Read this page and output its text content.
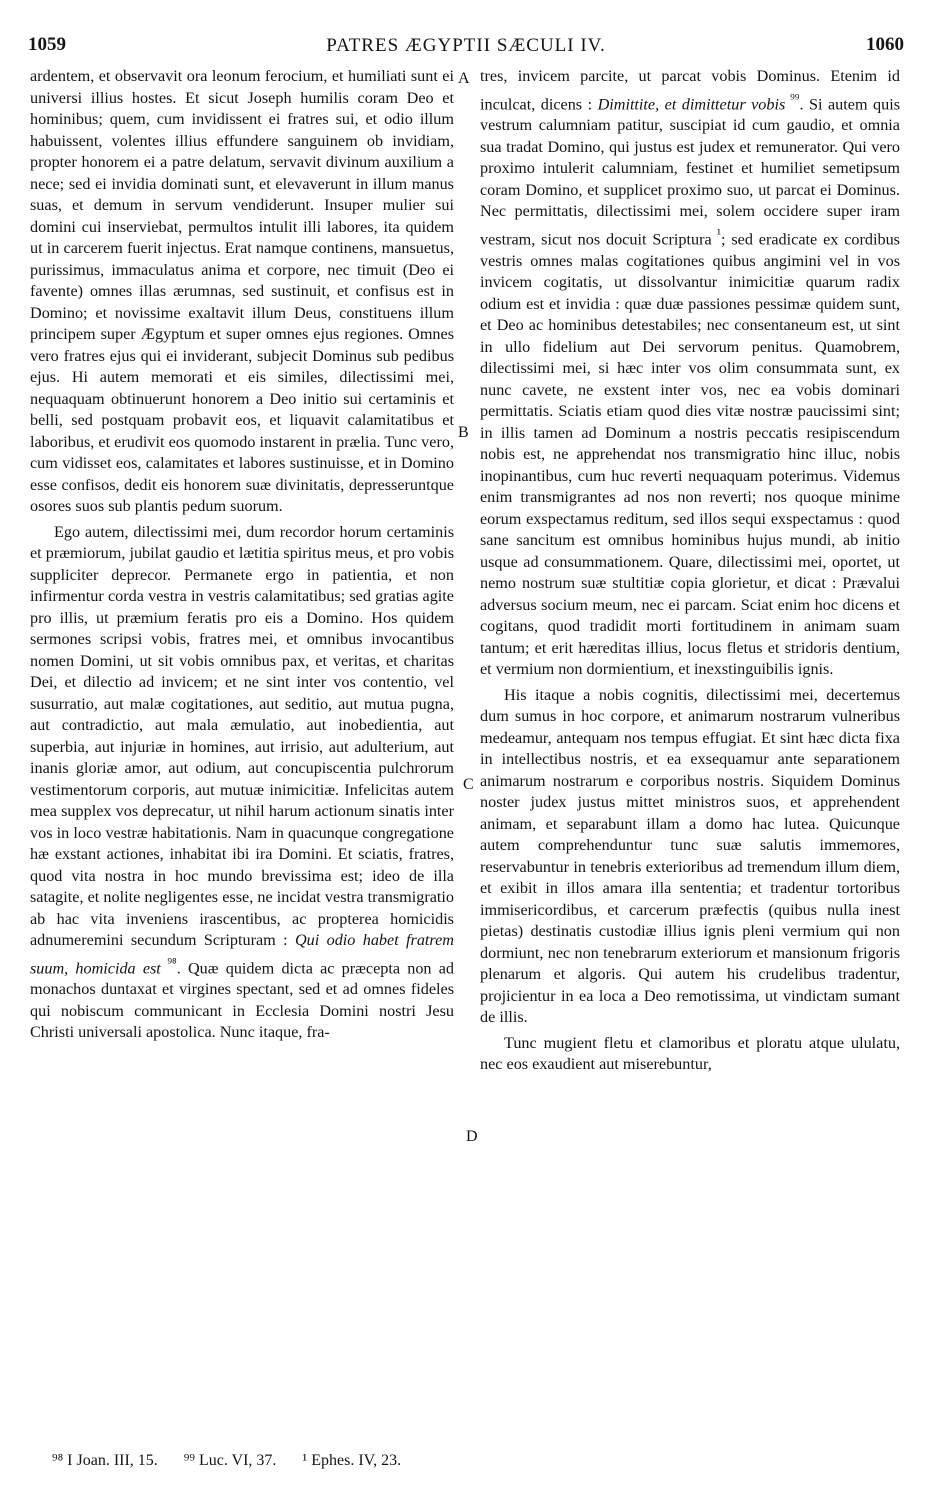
1059	PATRES ÆGYPTII SÆCULI IV.	1060
A
B
C
D

ardentem, et observavit ora leonum ferocium, et humiliati sunt ei universi illius hostes. Et sicut Joseph humilis coram Deo et hominibus; quem, cum invidissent ei fratres sui, et odio illum habuissent, volentes illius effundere sanguinem ob invidiam, propter honorem ei a patre delatum, servavit divinum auxilium a nece; sed ei invidia dominati sunt, et elevaverunt in illum manus suas, et demum in servum vendiderunt. Insuper mulier sui domini cui inserviebat, permultos intulit illi labores, ita quidem ut in carcerem fuerit injectus. Erat namque continens, mansuetus, purissimus, immaculatus anima et corpore, nec timuit (Deo ei favente) omnes illas ærumnas, sed sustinuit, et confisus est in Domino; et novissime exaltavit illum Deus, constituens illum principem super Ægyptum et super omnes ejus regiones. Omnes vero fratres ejus qui ei inviderant, subjecit Dominus sub pedibus ejus. Hi autem memorati et eis similes, dilectissimi mei, nequaquam obtinuerunt honorem a Deo initio sui certaminis et belli, sed postquam probavit eos, et liquavit calamitatibus et laboribus, et erudivit eos quomodo instarent in prælia. Tunc vero, cum vidisset eos, calamitates et labores sustinuisse, et in Domino esse confisos, dedit eis honorem suæ divinitatis, depresseruntque osores suos sub plantis pedum suorum.

Ego autem, dilectissimi mei, dum recordor horum certaminis et præmiorum, jubilat gaudio et lætitia spiritus meus, et pro vobis suppliciter deprecor. Permanete ergo in patientia, et non infirmentur corda vestra in vestris calamitatibus; sed gratias agite pro illis, ut præmium feratis pro eis a Domino. Hos quidem sermones scripsi vobis, fratres mei, et omnibus invocantibus nomen Domini, ut sit vobis omnibus pax, et veritas, et charitas Dei, et dilectio ad invicem; et ne sint inter vos contentio, vel susurratio, aut malæ cogitationes, aut seditio, aut mutua pugna, aut contradictio, aut mala æmulatio, aut inobedientia, aut superbia, aut injuriæ in homines, aut irrisio, aut adulterium, aut inanis gloriæ amor, aut odium, aut concupiscentia pulchrorum vestimentorum corporis, aut mutuæ inimicitiæ. Infelicitas autem mea supplex vos deprecatur, ut nihil harum actionum sinatis inter vos in loco vestræ habitationis. Nam in quacunque congregatione hæ exstant actiones, inhabitat ibi ira Domini. Et sciatis, fratres, quod vita nostra in hoc mundo brevissima est; ideo de illa satagite, et nolite negligentes esse, ne incidat vestra transmigratio ab hac vita inveniens irascentibus, ac propterea homicidis adnumeremini secundum Scripturam : Qui odio habet fratrem suum, homicida est $^{^{98}}$. Quæ quidem dicta ac præcepta non ad monachos duntaxat et virgines spectant, sed et ad omnes fideles qui nobiscum communicant in Ecclesia Domini nostri Jesu Christi universali apostolica. Nunc itaque, fra-

tres, invicem parcite, ut parcat vobis Dominus. Etenim id inculcat, dicens : Dimittite, et dimittetur vobis $^{^{99}}$. Si autem quis vestrum calumniam patitur, suscipiat id cum gaudio, et omnia sua tradat Domino, qui justus est judex et remunerator. Qui vero proximo intulerit calumniam, festinet et humiliet semetipsum coram Domino, et supplicet proximo suo, ut parcat ei Dominus. Nec permittatis, dilectissimi mei, solem occidere super iram vestram, sicut nos docuit Scriptura $^{^1}$; sed eradicate ex cordibus vestris omnes malas cogitationes quibus angimini vel in vos invicem cogitatis, ut dissolvantur inimicitiæ quarum radix odium est et invidia : quæ duæ passiones pessimæ quidem sunt, et Deo ac hominibus detestabiles; nec consentaneum est, ut sint in ullo fidelium aut Dei servorum penitus. Quamobrem, dilectissimi mei, si hæc inter vos olim consummata sunt, ex nunc cavete, ne exstent inter vos, nec ea vobis dominari permittatis. Sciatis etiam quod dies vitæ nostræ paucissimi sint; in illis tamen ad Dominum a nostris peccatis resipiscendum nobis est, ne apprehendat nos transmigratio hinc illuc, nobis inopinantibus, cum huc reverti nequaquam poterimus. Videmus enim transmigrantes ad nos non reverti; nos quoque minime eorum exspectamus reditum, sed illos sequi exspectamus : quod sane sancitum est omnibus hominibus hujus mundi, ab initio usque ad consummationem. Quare, dilectissimi mei, oportet, ut nemo nostrum suæ stultitiæ copia glorietur, et dicat : Prævalui adversus socium meum, nec ei parcam. Sciat enim hoc dicens et cogitans, quod tradidit morti fortitudinem in animam suam tantum; et erit hæreditas illius, locus fletus et stridoris dentium, et vermium non dormientium, et inexstinguibilis ignis.

His itaque a nobis cognitis, dilectissimi mei, decertemus dum sumus in hoc corpore, et animarum nostrarum vulneribus medeamur, antequam nos tempus effugiat. Et sint hæc dicta fixa in intellectibus nostris, et ea exsequamur ante separationem animarum nostrarum e corporibus nostris. Siquidem Dominus noster judex justus mittet ministros suos, et apprehendent animam, et separabunt illam a domo hac lutea. Quicunque autem comprehenduntur tunc suæ salutis immemores, reservabuntur in tenebris exterioribus ad tremendum illum diem, et exibit in illos amara illa sententia; et tradentur tortoribus immisericordibus, et carcerum præfectis (quibus nulla inest pietas) destinatis custodiæ illius ignis pleni vermium qui non dormiunt, nec non tenebrarum exteriorum et mansionum frigoris plenarum et algoris. Qui autem his crudelibus tradentur, projicientur in ea loca a Deo remotissima, ut vindictam sumant de illis.

Tunc mugient fletu et clamoribus et ploratu atque ululatu, nec eos exaudient aut miserebuntur,

⁹⁸ I Joan. III, 15. ⁹⁹ Luc. VI, 37. ¹ Ephes. IV, 23.
